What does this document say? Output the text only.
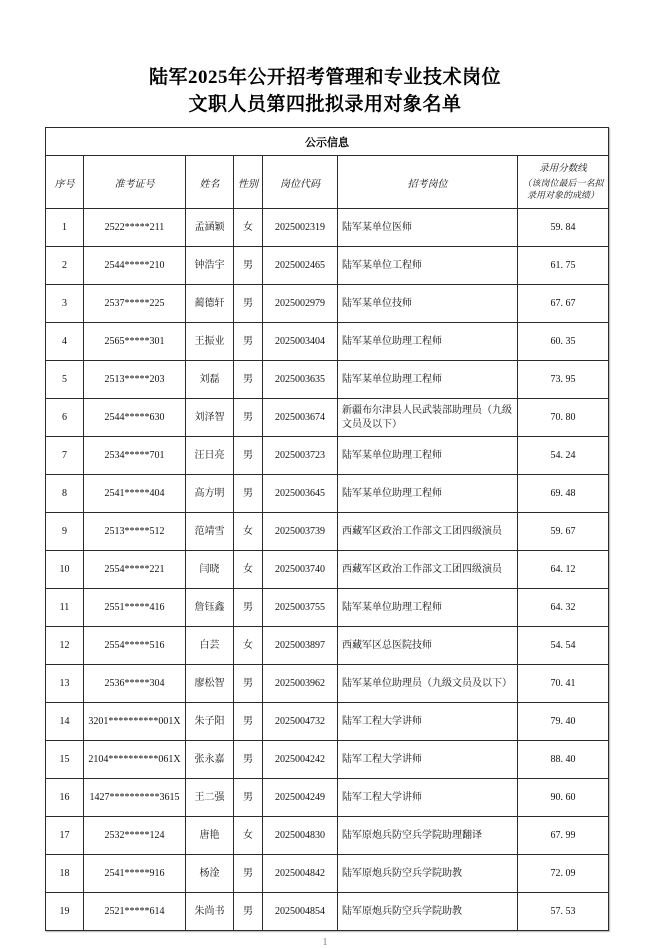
陆军2025年公开招考管理和专业技术岗位
文职人员第四批拟录用对象名单
公示信息						
序号	准考证号	姓名	性别	岗位代码	招考岗位	录用分数线
（该岗位最后一名拟录用对象的成绩）

1	2522*****211	孟涵颖	女	2025002319	陆军某单位医师	59. 84
2	2544*****210	钟浩宇	男	2025002465	陆军某单位工程师	61. 75
3	2537*****225	蔺德轩	男	2025002979	陆军某单位技师	67. 67
4	2565*****301	王振业	男	2025003404	陆军某单位助理工程师	60. 35
5	2513*****203	刘磊	男	2025003635	陆军某单位助理工程师	73. 95
6	2544*****630	刘泽智	男	2025003674	新疆布尔津县人民武装部助理员（九级文员及以下）	70. 80
7	2534*****701	汪日亮	男	2025003723	陆军某单位助理工程师	54. 24
8	2541*****404	高方明	男	2025003645	陆军某单位助理工程师	69. 48
9	2513*****512	范靖雪	女	2025003739	西藏军区政治工作部文工团四级演员	59. 67
10	2554*****221	闫晓	女	2025003740	西藏军区政治工作部文工团四级演员	64. 12
11	2551*****416	詹钰鑫	男	2025003755	陆军某单位助理工程师	64. 32
12	2554*****516	白芸	女	2025003897	西藏军区总医院技师	54. 54
13	2536*****304	廖松智	男	2025003962	陆军某单位助理员（九级文员及以下）	70. 41
14	3201**********001X	朱子阳	男	2025004732	陆军工程大学讲师	79. 40
15	2104**********061X	张永嘉	男	2025004242	陆军工程大学讲师	88. 40
16	1427**********3615	王二强	男	2025004249	陆军工程大学讲师	90. 60
17	2532*****124	唐艳	女	2025004830	陆军原炮兵防空兵学院助理翻译	67. 99
18	2541*****916	杨淦	男	2025004842	陆军原炮兵防空兵学院助教	72. 09
19	2521*****614	朱尚书	男	2025004854	陆军原炮兵防空兵学院助教	57. 53
1
